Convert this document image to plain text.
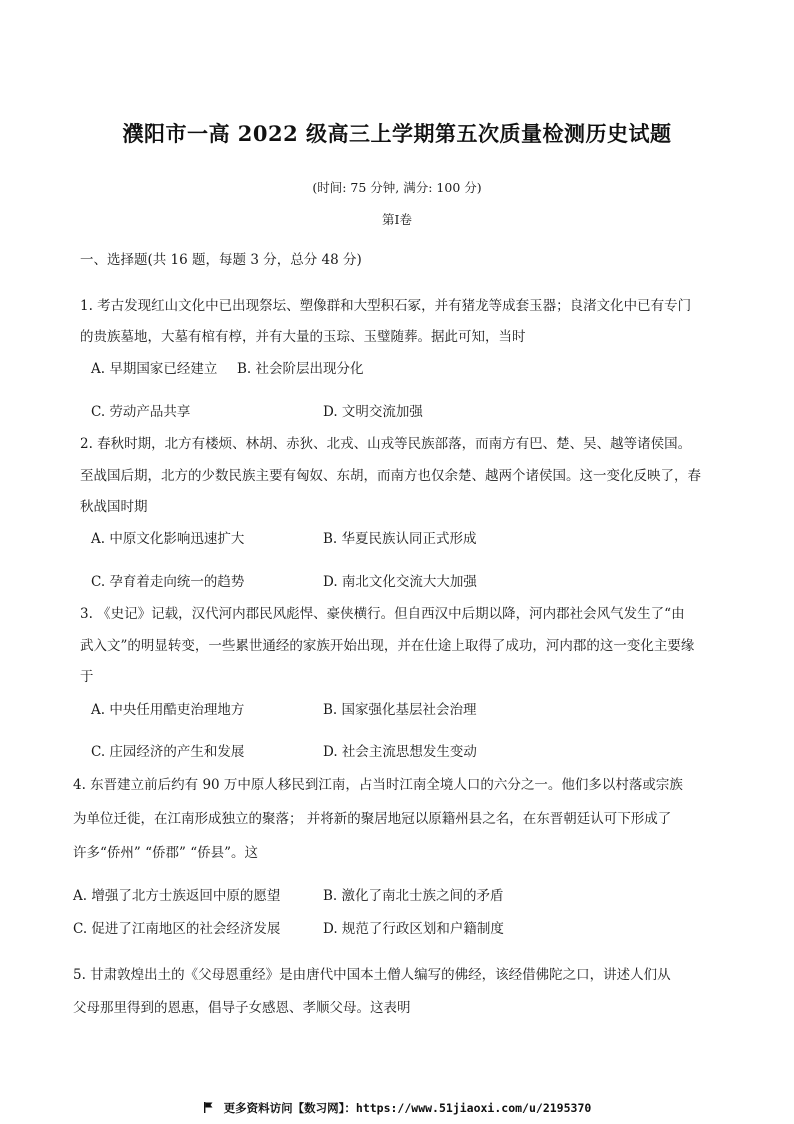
濮阳市一高 2022 级高三上学期第五次质量检测历史试题
(时间: 75 分钟, 满分: 100 分)
第Ⅰ卷
一、选择题(共 16 题，每题 3 分，总分 48 分)
1. 考古发现红山文化中已出现祭坛、塑像群和大型积石冢，并有猪龙等成套玉器；良渚文化中已有专门
的贵族墓地，大墓有棺有椁，并有大量的玉琮、玉璧随葬。据此可知，当时
A. 早期国家已经建立 B. 社会阶层出现分化
C. 劳动产品共享	D. 文明交流加强
2. 春秋时期，北方有楼烦、林胡、赤狄、北戎、山戎等民族部落，而南方有巴、楚、吴、越等诸侯国。
至战国后期，北方的少数民族主要有匈奴、东胡，而南方也仅余楚、越两个诸侯国。这一变化反映了，春
秋战国时期
A. 中原文化影响迅速扩大	B. 华夏民族认同正式形成
C. 孕育着走向统一的趋势	D. 南北文化交流大大加强
3. 《史记》记载，汉代河内郡民风彪悍、豪侠横行。但自西汉中后期以降，河内郡社会风气发生了“由
武入文”的明显转变，一些累世通经的家族开始出现，并在仕途上取得了成功，河内郡的这一变化主要缘
于
A. 中央任用酷吏治理地方	B. 国家强化基层社会治理
C. 庄园经济的产生和发展	D. 社会主流思想发生变动
4. 东晋建立前后约有 90 万中原人移民到江南，占当时江南全境人口的六分之一。他们多以村落或宗族
为单位迁徙，在江南形成独立的聚落； 并将新的聚居地冠以原籍州县之名，在东晋朝廷认可下形成了
许多“侨州” “侨郡” “侨县”。这
A. 增强了北方士族返回中原的愿望	B. 激化了南北士族之间的矛盾
C. 促进了江南地区的社会经济发展	D. 规范了行政区划和户籍制度
5. 甘肃敦煌出土的《父母恩重经》是由唐代中国本土僧人编写的佛经，该经借佛陀之口，讲述人们从
父母那里得到的恩惠，倡导子女感恩、孝顺父母。这表明
更多资料访问【数习网】：https://www.51jiaoxi.com/u/2195370
